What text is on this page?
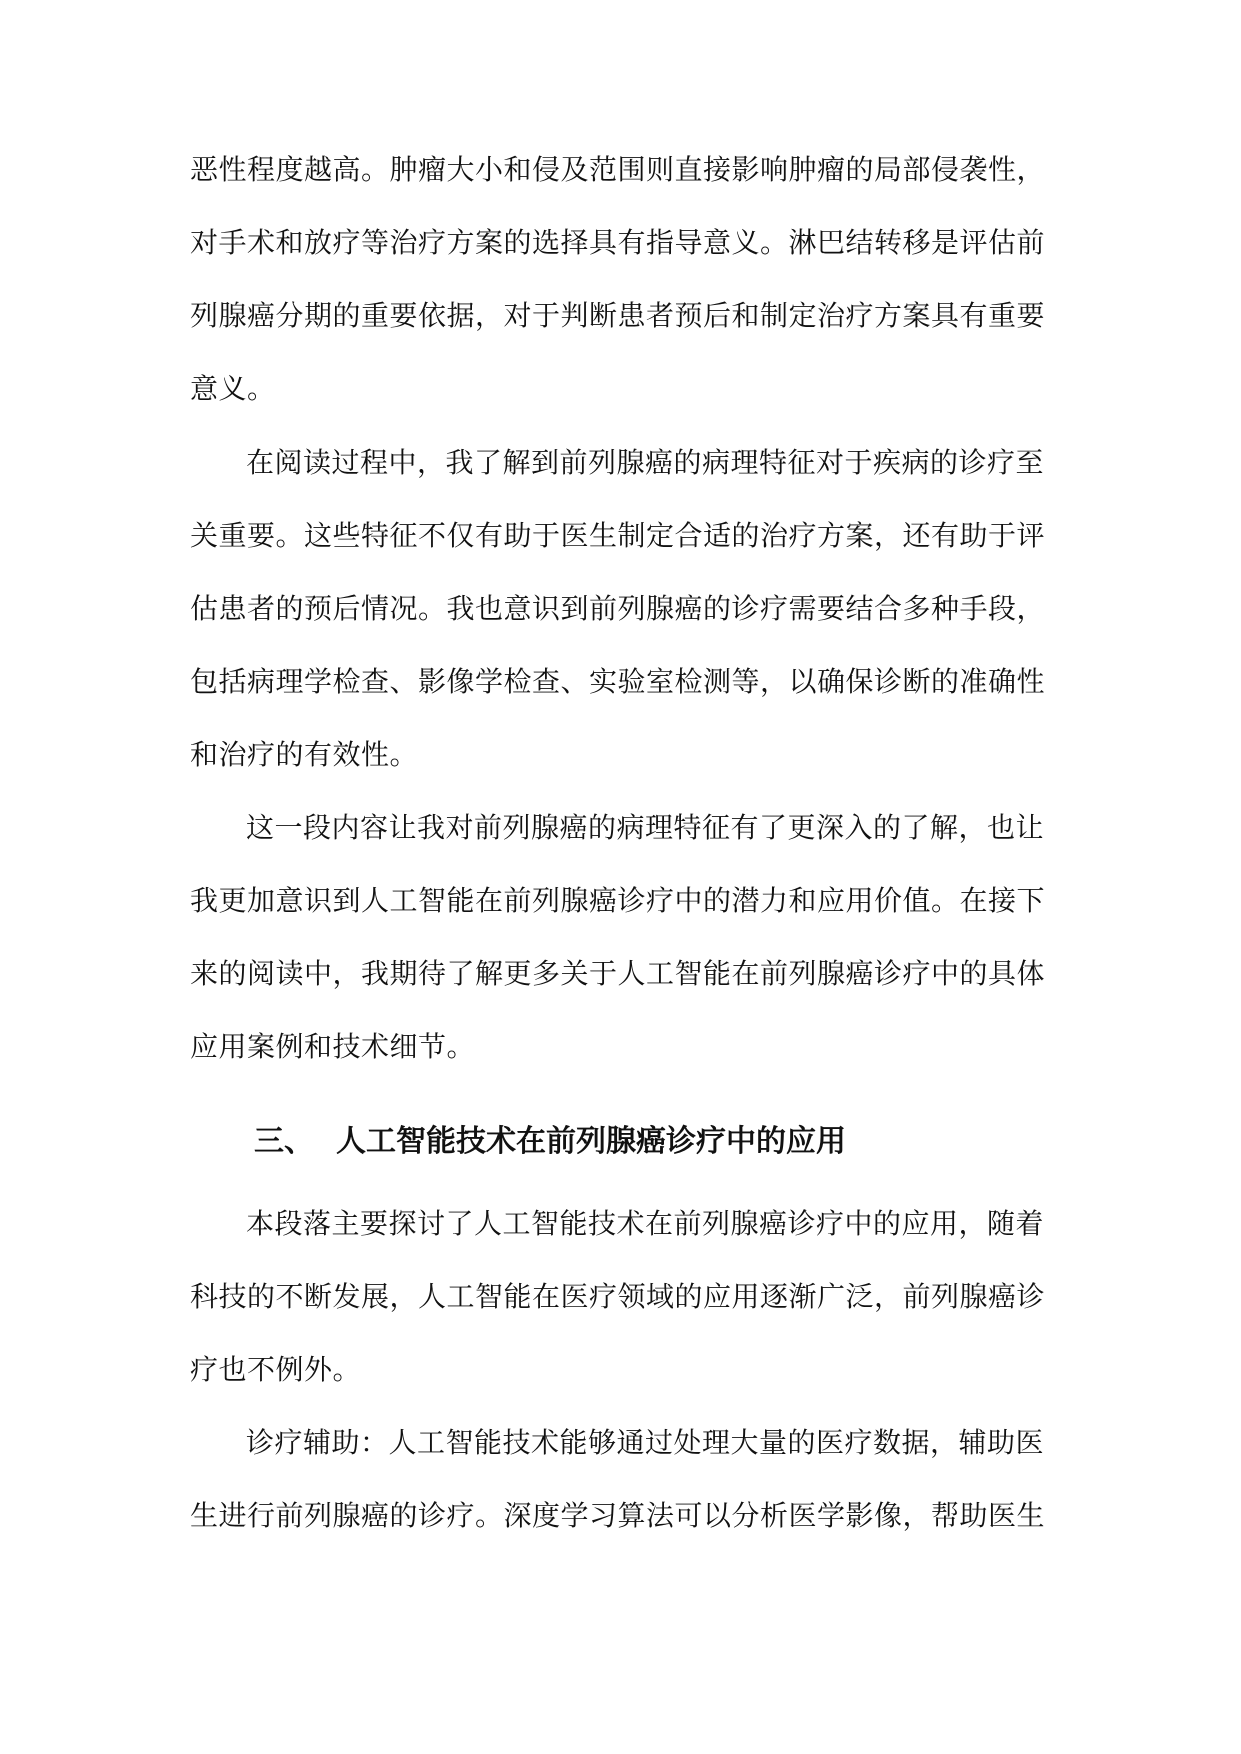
恶性程度越高。肿瘤大小和侵及范围则直接影响肿瘤的局部侵袭性，
对手术和放疗等治疗方案的选择具有指导意义。淋巴结转移是评估前
列腺癌分期的重要依据，对于判断患者预后和制定治疗方案具有重要
意义。
在阅读过程中，我了解到前列腺癌的病理特征对于疾病的诊疗至
关重要。这些特征不仅有助于医生制定合适的治疗方案，还有助于评
估患者的预后情况。我也意识到前列腺癌的诊疗需要结合多种手段，
包括病理学检查、影像学检查、实验室检测等，以确保诊断的准确性
和治疗的有效性。
这一段内容让我对前列腺癌的病理特征有了更深入的了解，也让
我更加意识到人工智能在前列腺癌诊疗中的潜力和应用价值。在接下
来的阅读中，我期待了解更多关于人工智能在前列腺癌诊疗中的具体
应用案例和技术细节。
三、 人工智能技术在前列腺癌诊疗中的应用
本段落主要探讨了人工智能技术在前列腺癌诊疗中的应用，随着
科技的不断发展，人工智能在医疗领域的应用逐渐广泛，前列腺癌诊
疗也不例外。
诊疗辅助：人工智能技术能够通过处理大量的医疗数据，辅助医
生进行前列腺癌的诊疗。深度学习算法可以分析医学影像，帮助医生
